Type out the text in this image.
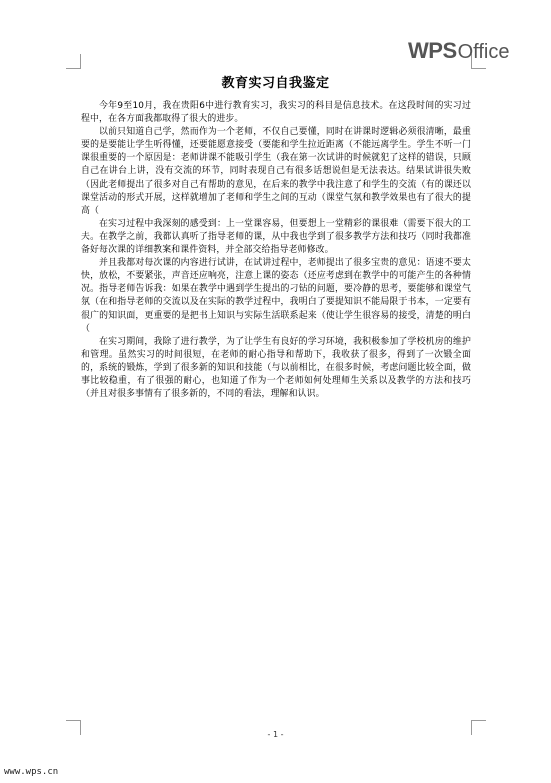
WPS Office
教育实习自我鉴定

今年9至10月，我在贵阳6中进行教育实习，我实习的科目是信息技术。在这段时间的实习过程中，在各方面我都取得了很大的进步。

以前只知道自己学，然而作为一个老师，不仅自己要懂，同时在讲课时逻辑必须很清晰，最重要的是要能让学生听得懂，还要能愿意接受（要能和学生拉近距离（不能远离学生。学生不听一门课很重要的一个原因是：老师讲课不能吸引学生（我在第一次试讲的时候就犯了这样的错误，只顾自己在讲台上讲，没有交流的环节，同时表现自己有很多话想说但是无法表达。结果试讲很失败（因此老师提出了很多对自己有帮助的意见，在后来的教学中我注意了和学生的交流（有的课还以课堂活动的形式开展，这样就增加了老师和学生之间的互动（课堂气氛和教学效果也有了很大的提高（

在实习过程中我深刻的感受到：上一堂课容易，但要想上一堂精彩的课很难（需要下很大的工夫。在教学之前，我都认真听了指导老师的课，从中我也学到了很多教学方法和技巧（同时我都准备好每次课的详细教案和课件资料，并全部交给指导老师修改。

并且我都对每次课的内容进行试讲，在试讲过程中，老师提出了很多宝贵的意见：语速不要太快，放松，不要紧张，声音还应响亮，注意上课的姿态（还应考虑到在教学中的可能产生的各种情况。指导老师告诉我：如果在教学中遇到学生提出的刁钻的问题，要冷静的思考，要能够和课堂气氛（在和指导老师的交流以及在实际的教学过程中，我明白了要提知识不能局限于书本，一定要有很广的知识面，更重要的是把书上知识与实际生活联系起来（使让学生很容易的接受，清楚的明白（

在实习期间，我除了进行教学，为了让学生有良好的学习环境，我积极参加了学校机房的维护和管理。虽然实习的时间很短，在老师的耐心指导和帮助下，我收获了很多，得到了一次锻全面的，系统的锻炼，学到了很多新的知识和技能（与以前相比，在很多时候，考虑问题比较全面，做事比较稳重，有了很强的耐心，也知道了作为一个老师如何处理师生关系以及教学的方法和技巧（并且对很多事情有了很多新的，不同的看法，理解和认识。

- 1 -
www.wps.cn
